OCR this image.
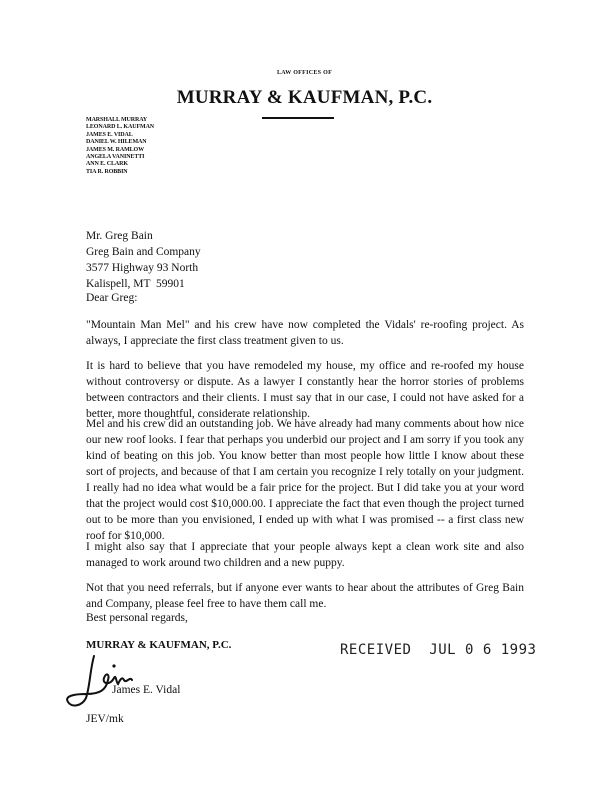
LAW OFFICES OF
MURRAY & KAUFMAN, P.C.
MARSHALL MURRAY
LEONARD L. KAUFMAN
JAMES E. VIDAL
DANIEL W. HILEMAN
JAMES M. RAMLOW
ANGELA VANINETTI
ANN E. CLARK
TIA R. ROBBIN
Mr. Greg Bain
Greg Bain and Company
3577 Highway 93 North
Kalispell, MT  59901
Dear Greg:

"Mountain Man Mel" and his crew have now completed the Vidals' re-roofing project. As always, I appreciate the first class treatment given to us.

It is hard to believe that you have remodeled my house, my office and re-roofed my house without controversy or dispute. As a lawyer I constantly hear the horror stories of problems between contractors and their clients. I must say that in our case, I could not have asked for a better, more thoughtful, considerate relationship.

Mel and his crew did an outstanding job. We have already had many comments about how nice our new roof looks. I fear that perhaps you underbid our project and I am sorry if you took any kind of beating on this job. You know better than most people how little I know about these sort of projects, and because of that I am certain you recognize I rely totally on your judgment. I really had no idea what would be a fair price for the project. But I did take you at your word that the project would cost $10,000.00. I appreciate the fact that even though the project turned out to be more than you envisioned, I ended up with what I was promised -- a first class new roof for $10,000.

I might also say that I appreciate that your people always kept a clean work site and also managed to work around two children and a new puppy.

Not that you need referrals, but if anyone ever wants to hear about the attributes of Greg Bain and Company, please feel free to have them call me.

Best personal regards,
MURRAY & KAUFMAN, P.C.	RECEIVED  JUL 0 6 1993
James E. Vidal
JEV/mk
